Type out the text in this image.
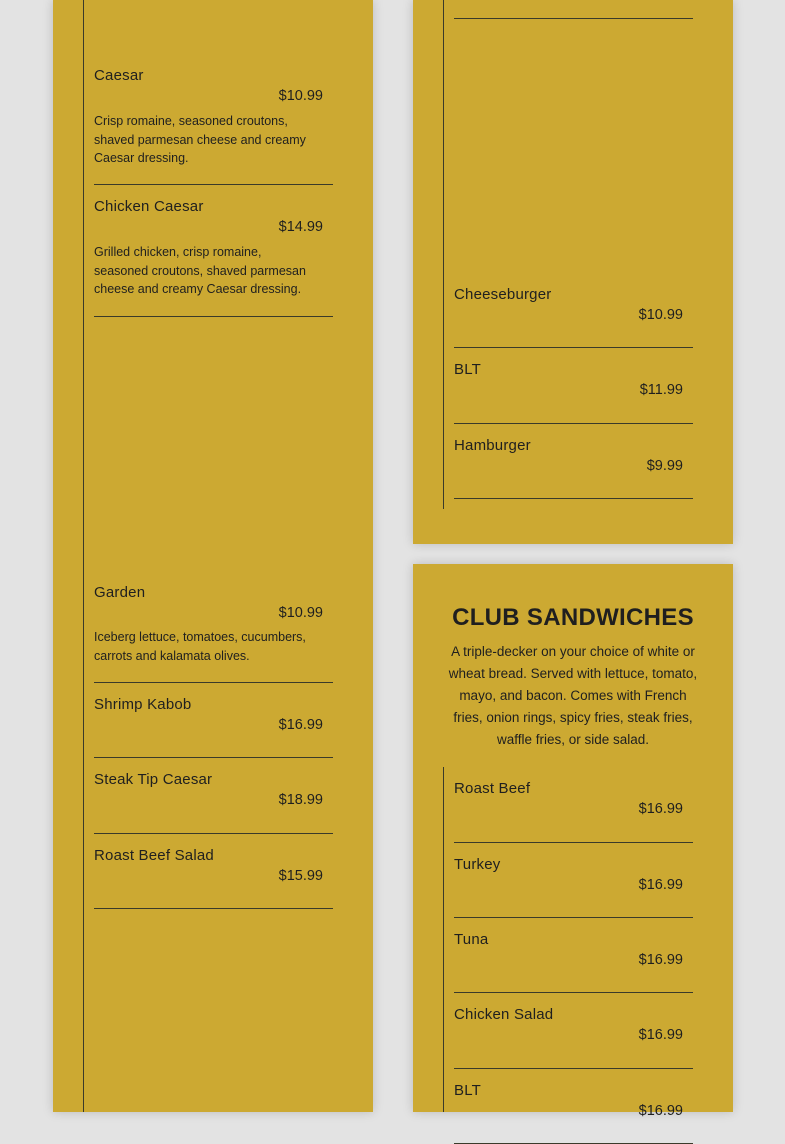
Caesar
$10.99
Crisp romaine, seasoned croutons, shaved parmesan cheese and creamy Caesar dressing.
Chicken Caesar
$14.99
Grilled chicken, crisp romaine, seasoned croutons, shaved parmesan cheese and creamy Caesar dressing.
Garden
$10.99
Iceberg lettuce, tomatoes, cucumbers, carrots and kalamata olives.
Shrimp Kabob
$16.99
Steak Tip Caesar
$18.99
Roast Beef Salad
$15.99
Cheeseburger
$10.99
BLT
$11.99
Hamburger
$9.99
CLUB SANDWICHES
A triple-decker on your choice of white or wheat bread. Served with lettuce, tomato, mayo, and bacon. Comes with French fries, onion rings, spicy fries, steak fries, waffle fries, or side salad.
Roast Beef
$16.99
Turkey
$16.99
Tuna
$16.99
Chicken Salad
$16.99
BLT
$16.99
